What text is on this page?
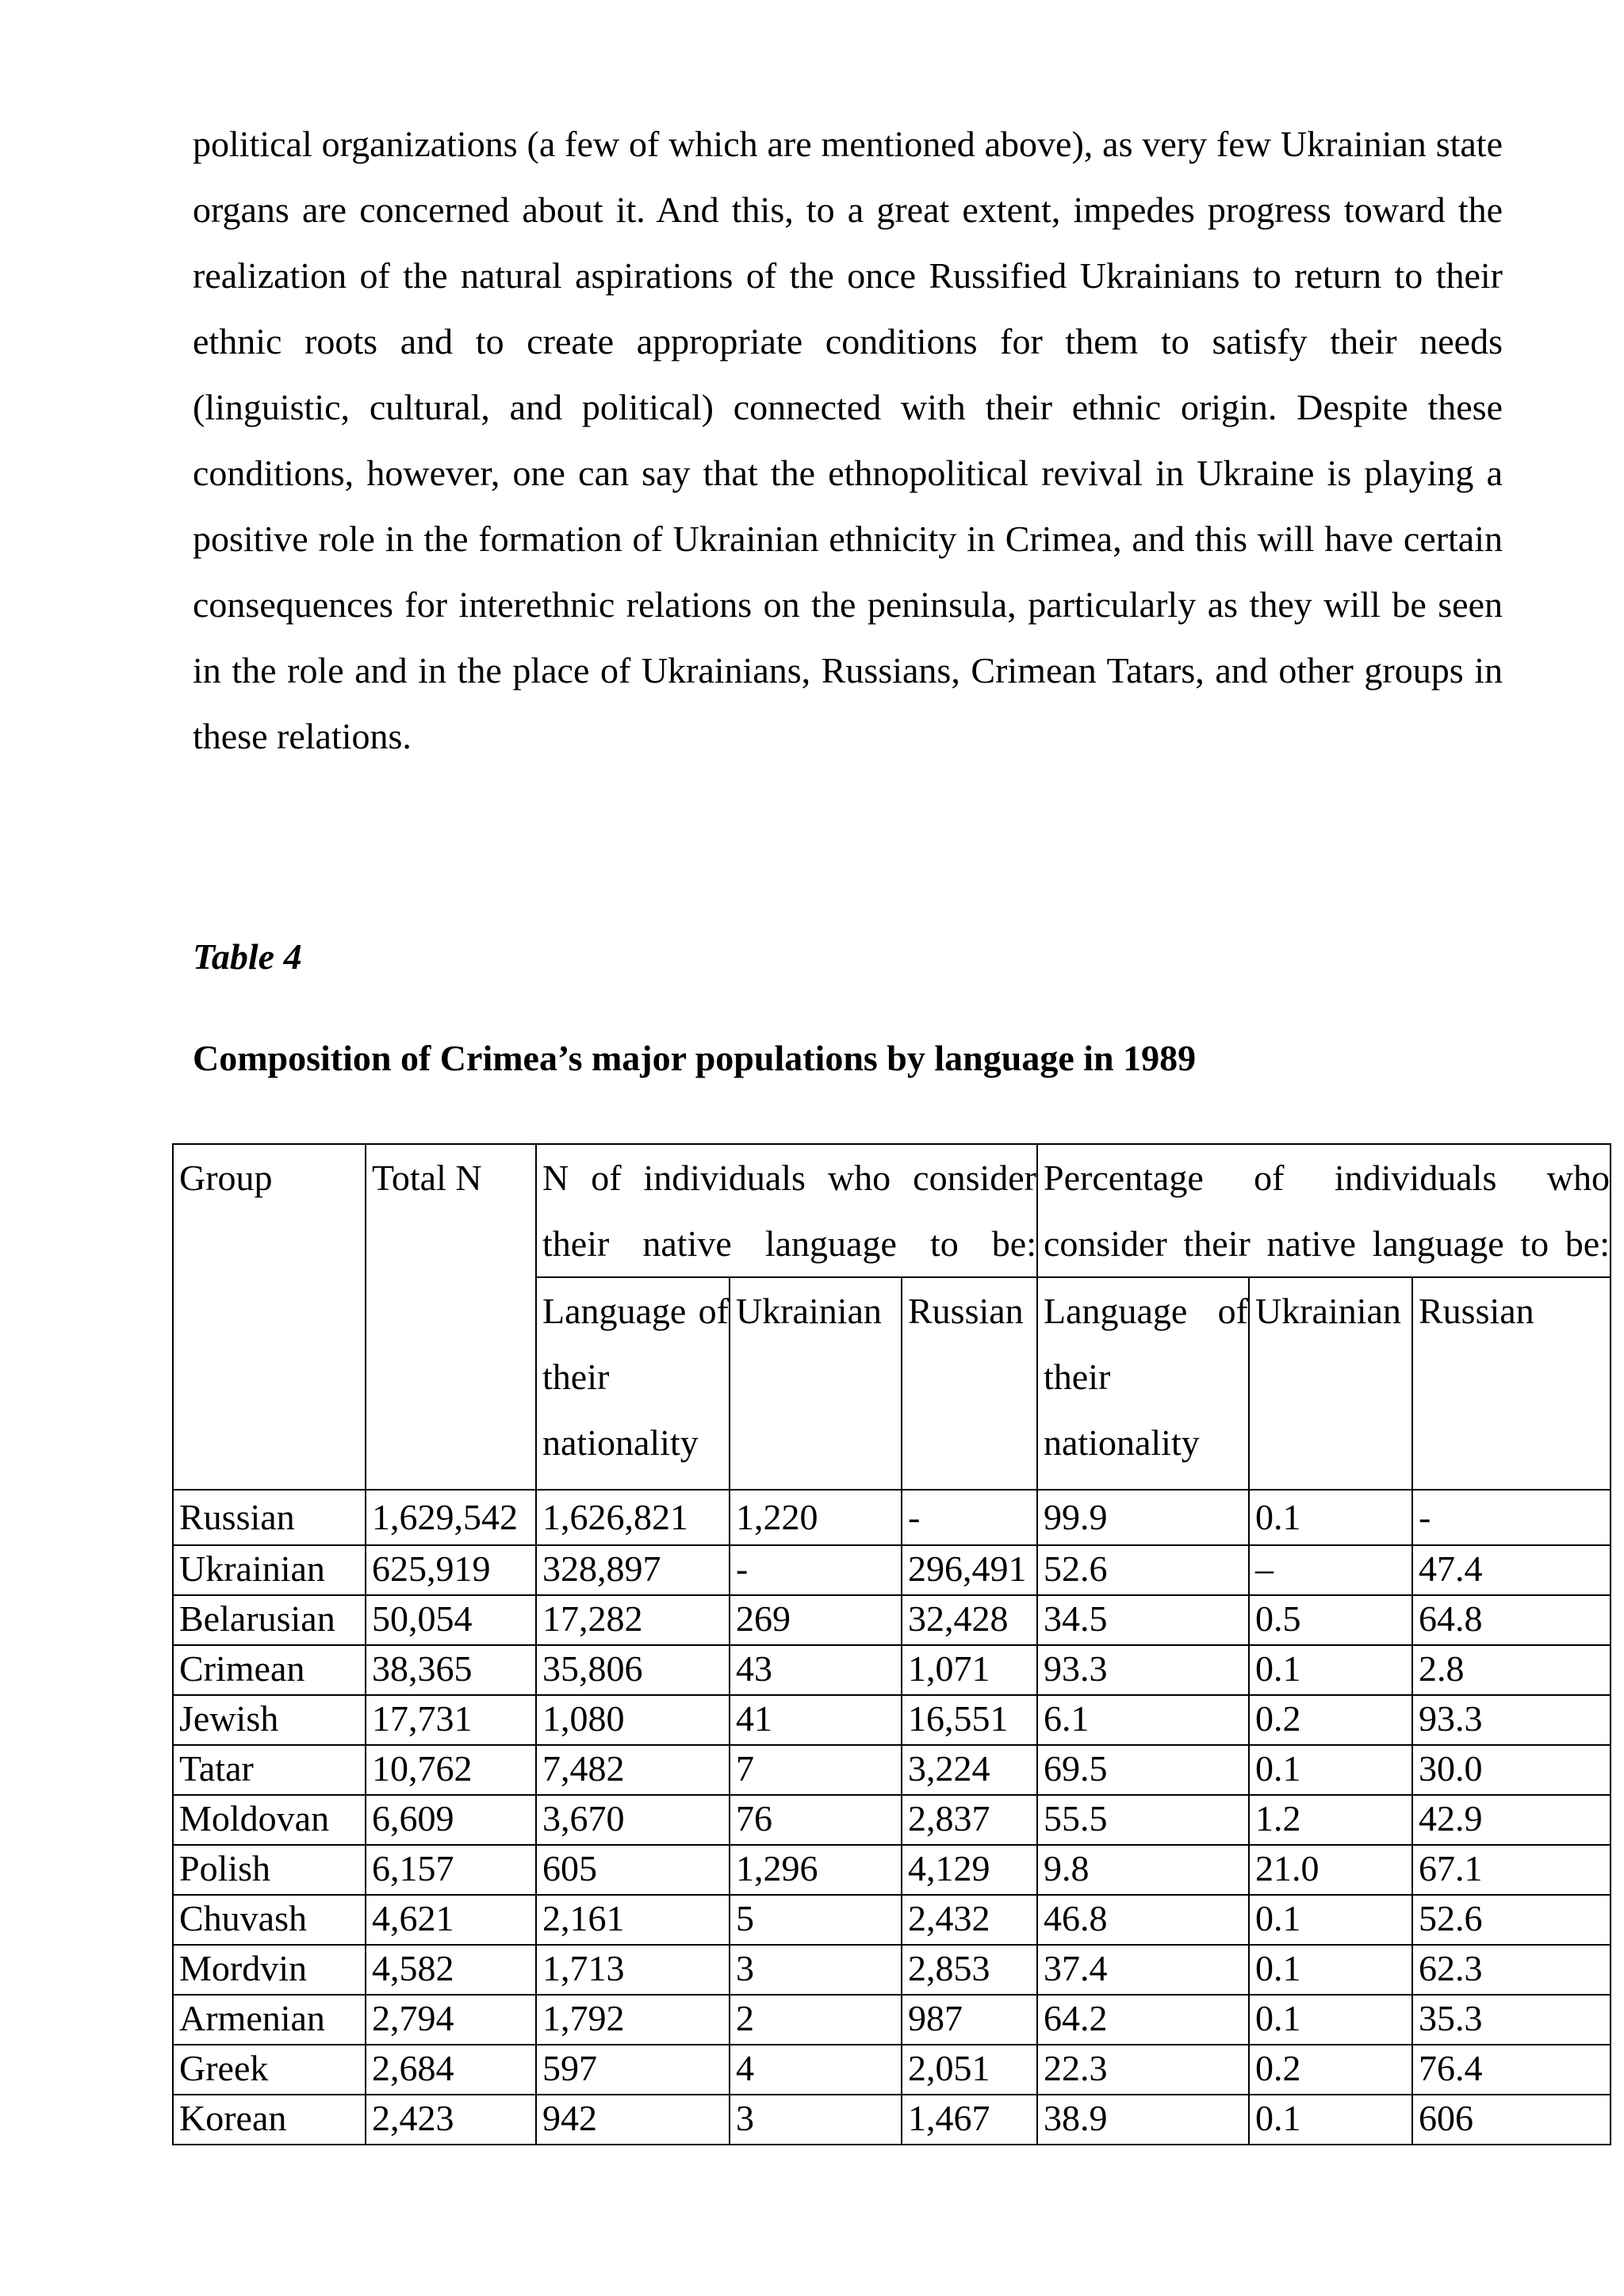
political organizations (a few of which are mentioned above), as very few Ukrainian state organs are concerned about it. And this, to a great extent, impedes progress toward the realization of the natural aspirations of the once Russified Ukrainians to return to their ethnic roots and to create appropriate conditions for them to satisfy their needs (linguistic, cultural, and political) connected with their ethnic origin. Despite these conditions, however, one can say that the ethnopolitical revival in Ukraine is playing a positive role in the formation of Ukrainian ethnicity in Crimea, and this will have certain consequences for interethnic relations on the peninsula, particularly as they will be seen in the role and in the place of Ukrainians, Russians, Crimean Tatars, and other groups in these relations.

Table 4

Composition of Crimea’s major populations by language in 1989

Group	Total N	N of individuals who consider their native language to be:			Percentage of individuals who consider their native language to be:		
		Language of their nationality	Ukrainian	Russian	Language of their nationality	Ukrainian	Russian
Russian	1,629,542	1,626,821	1,220	-	99.9	0.1	-
Ukrainian	625,919	328,897	-	296,491	52.6	–	47.4
Belarusian	50,054	17,282	269	32,428	34.5	0.5	64.8
Crimean	38,365	35,806	43	1,071	93.3	0.1	2.8
Jewish	17,731	1,080	41	16,551	6.1	0.2	93.3
Tatar	10,762	7,482	7	3,224	69.5	0.1	30.0
Moldovan	6,609	3,670	76	2,837	55.5	1.2	42.9
Polish	6,157	605	1,296	4,129	9.8	21.0	67.1
Chuvash	4,621	2,161	5	2,432	46.8	0.1	52.6
Mordvin	4,582	1,713	3	2,853	37.4	0.1	62.3
Armenian	2,794	1,792	2	987	64.2	0.1	35.3
Greek	2,684	597	4	2,051	22.3	0.2	76.4
Korean	2,423	942	3	1,467	38.9	0.1	606
